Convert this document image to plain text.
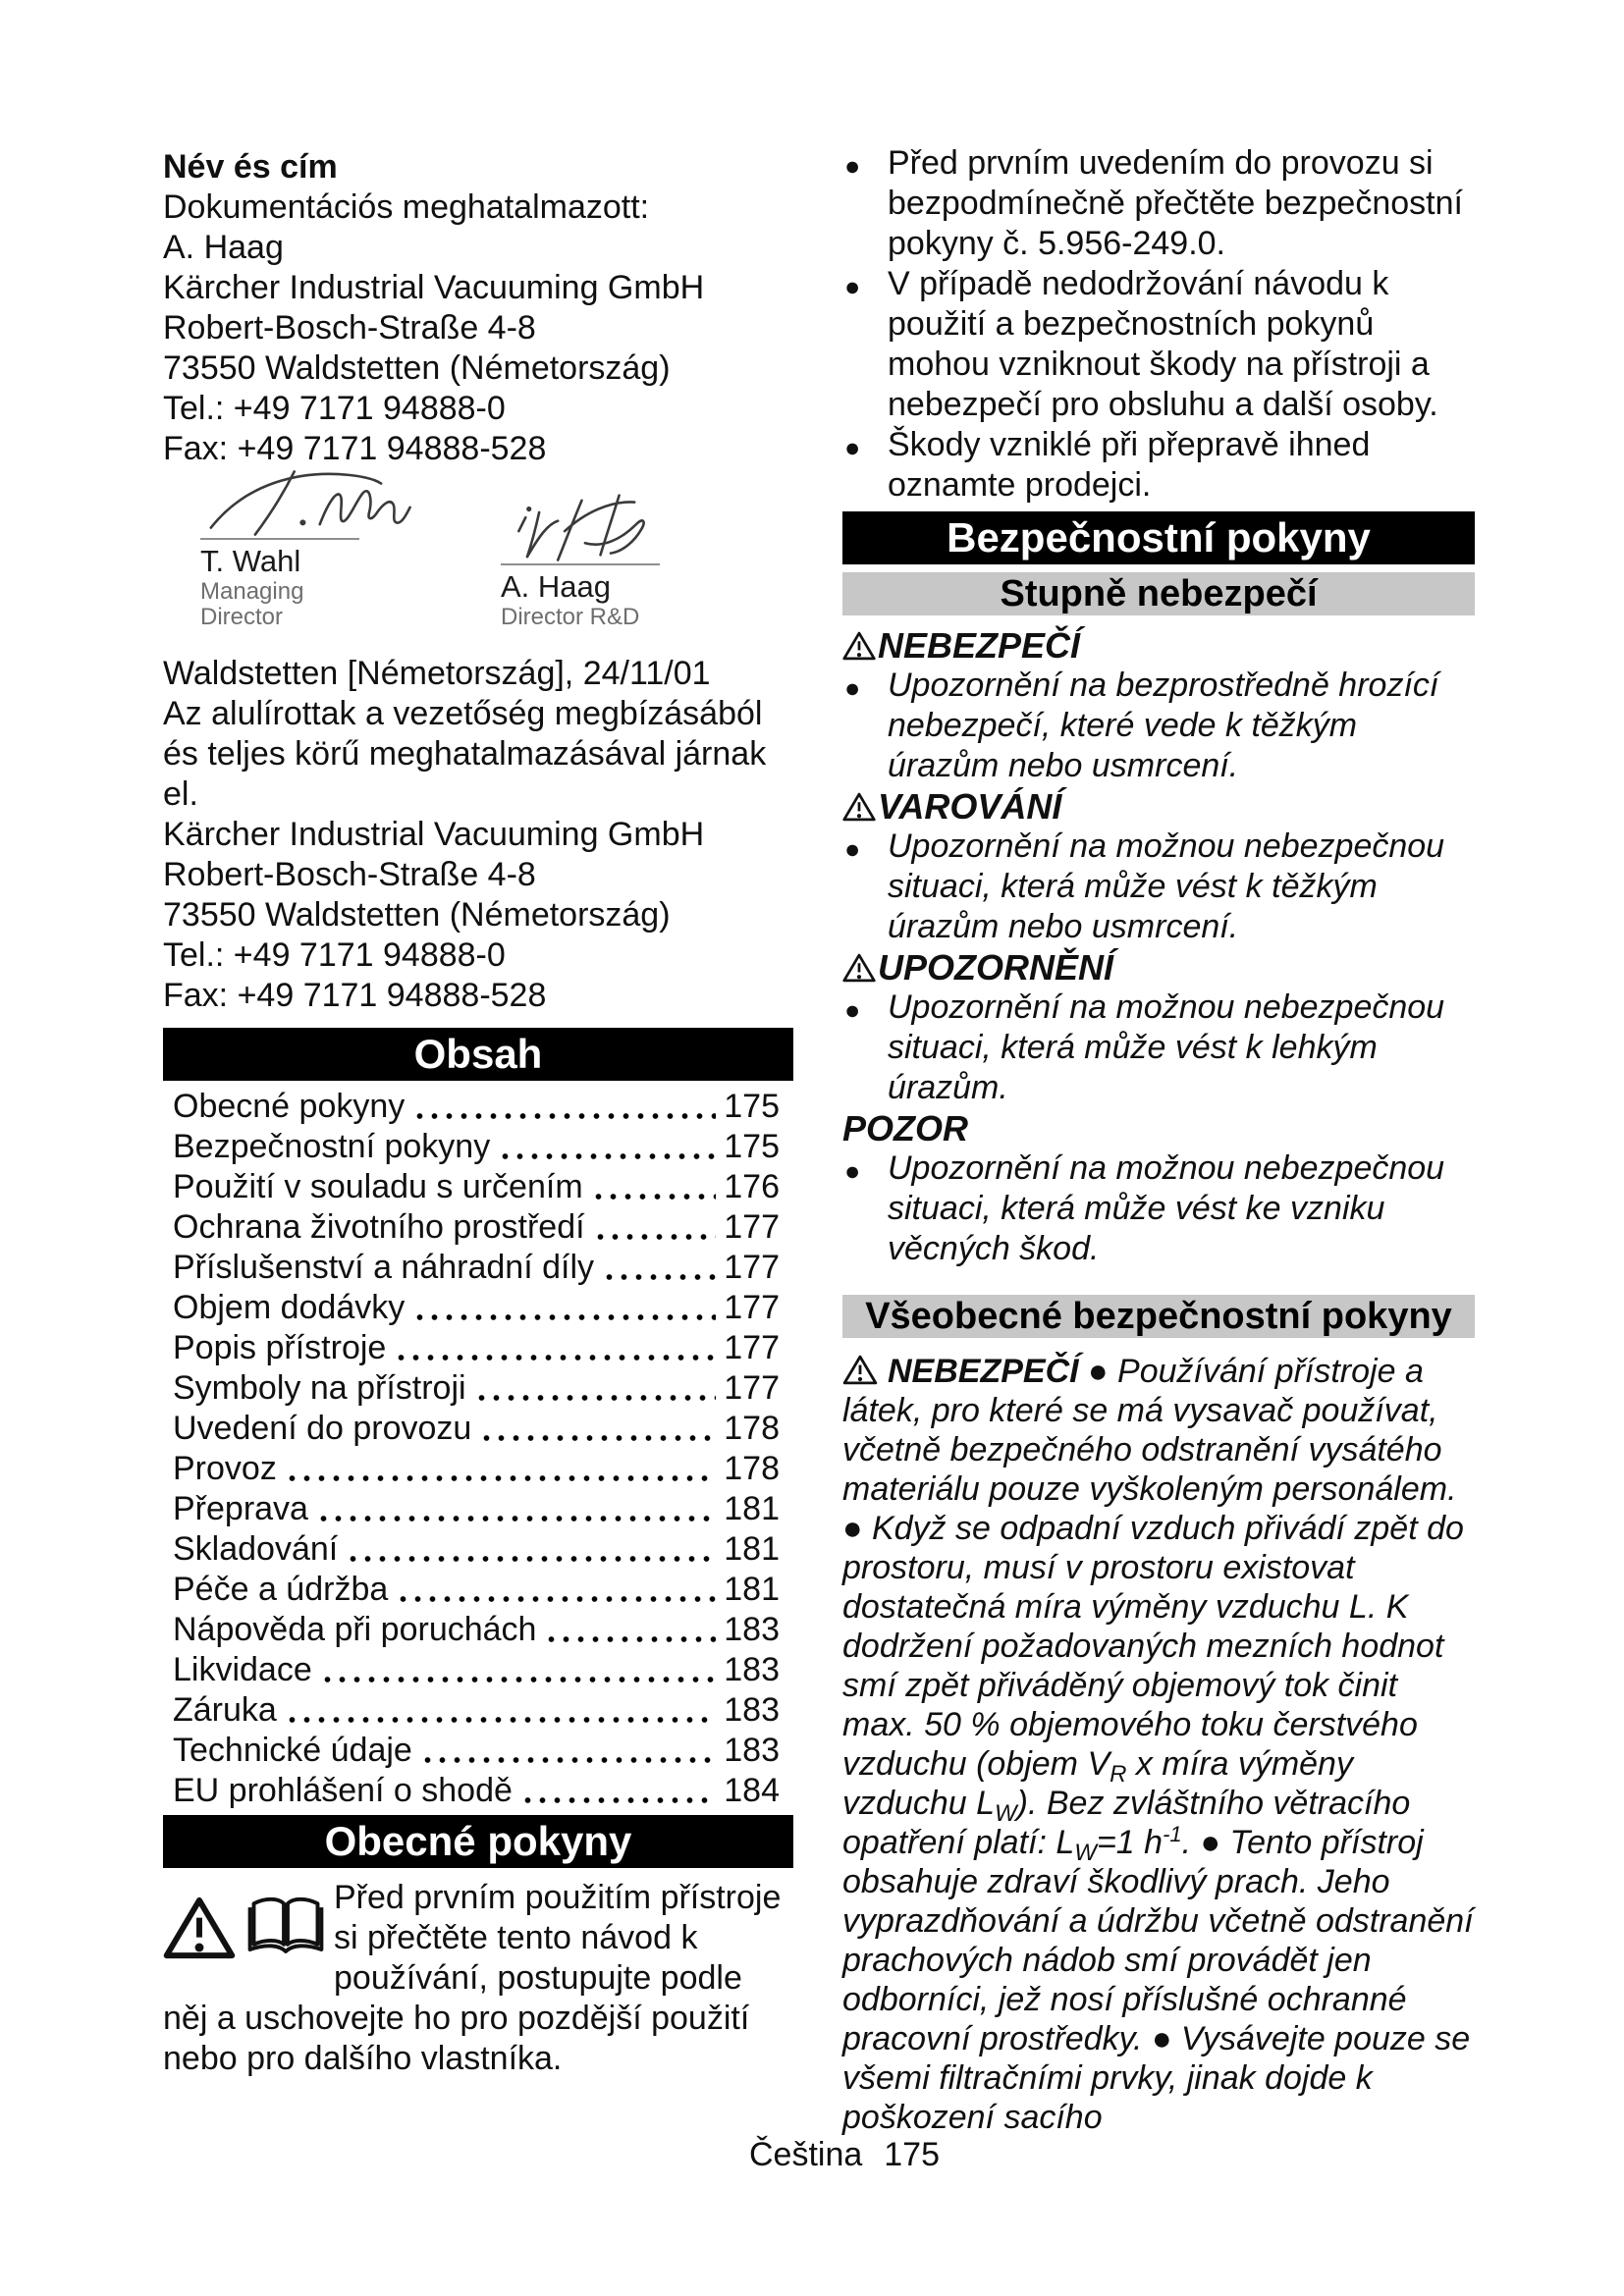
Név és cím
Dokumentációs meghatalmazott:
A. Haag
Kärcher Industrial Vacuuming GmbH
Robert-Bosch-Straße 4-8
73550 Waldstetten (Németország)
Tel.: +49 7171 94888-0
Fax: +49 7171 94888-528
T. Wahl
Managing Director
A. Haag
Director R&D
Waldstetten [Németország], 24/11/01
Az alulírottak a vezetőség megbízásából
és teljes körű meghatalmazásával járnak
el.
Kärcher Industrial Vacuuming GmbH
Robert-Bosch-Straße 4-8
73550 Waldstetten (Németország)
Tel.: +49 7171 94888-0
Fax: +49 7171 94888-528
Obsah
Obecné pokyny	175
Bezpečnostní pokyny	175
Použití v souladu s určením	176
Ochrana životního prostředí	177
Příslušenství a náhradní díly	177
Objem dodávky	177
Popis přístroje	177
Symboly na přístroji	177
Uvedení do provozu	178
Provoz	178
Přeprava	181
Skladování	181
Péče a údržba	181
Nápověda při poruchách	183
Likvidace	183
Záruka	183
Technické údaje	183
EU prohlášení o shodě	184
Obecné pokyny
Před prvním použitím přístroje si přečtěte tento návod k používání, postupujte podle něj a uschovejte ho pro pozdější použití nebo pro dalšího vlastníka.
● Před prvním uvedením do provozu si bezpodmínečně přečtěte bezpečnostní pokyny č. 5.956-249.0.
● V případě nedodržování návodu k použití a bezpečnostních pokynů mohou vzniknout škody na přístroji a nebezpečí pro obsluhu a další osoby.
● Škody vzniklé při přepravě ihned oznamte prodejci.
Bezpečnostní pokyny
Stupně nebezpečí
NEBEZPEČÍ
● Upozornění na bezprostředně hrozící nebezpečí, které vede k těžkým úrazům nebo usmrcení.
VAROVÁNÍ
● Upozornění na možnou nebezpečnou situaci, která může vést k těžkým úrazům nebo usmrcení.
UPOZORNĚNÍ
● Upozornění na možnou nebezpečnou situaci, která může vést k lehkým úrazům.
POZOR
● Upozornění na možnou nebezpečnou situaci, která může vést ke vzniku věcných škod.
Všeobecné bezpečnostní pokyny
NEBEZPEČÍ ● Používání přístroje a látek, pro které se má vysavač používat, včetně bezpečného odstranění vysátého materiálu pouze vyškoleným personálem. ● Když se odpadní vzduch přivádí zpět do prostoru, musí v prostoru existovat dostatečná míra výměny vzduchu L. K dodržení požadovaných mezních hodnot smí zpět přiváděný objemový tok činit max. 50 % objemového toku čerstvého vzduchu (objem $V_R$ x míra výměny vzduchu $L_W$). Bez zvláštního větracího opatření platí: $L_W=1$ $h^{-1}$. ● Tento přístroj obsahuje zdraví škodlivý prach. Jeho vyprazdňování a údržbu včetně odstranění prachových nádob smí provádět jen odborníci, jež nosí příslušné ochranné pracovní prostředky. ● Vysávejte pouze se všemi filtračními prvky, jinak dojde k poškození sacího
Čeština 175
